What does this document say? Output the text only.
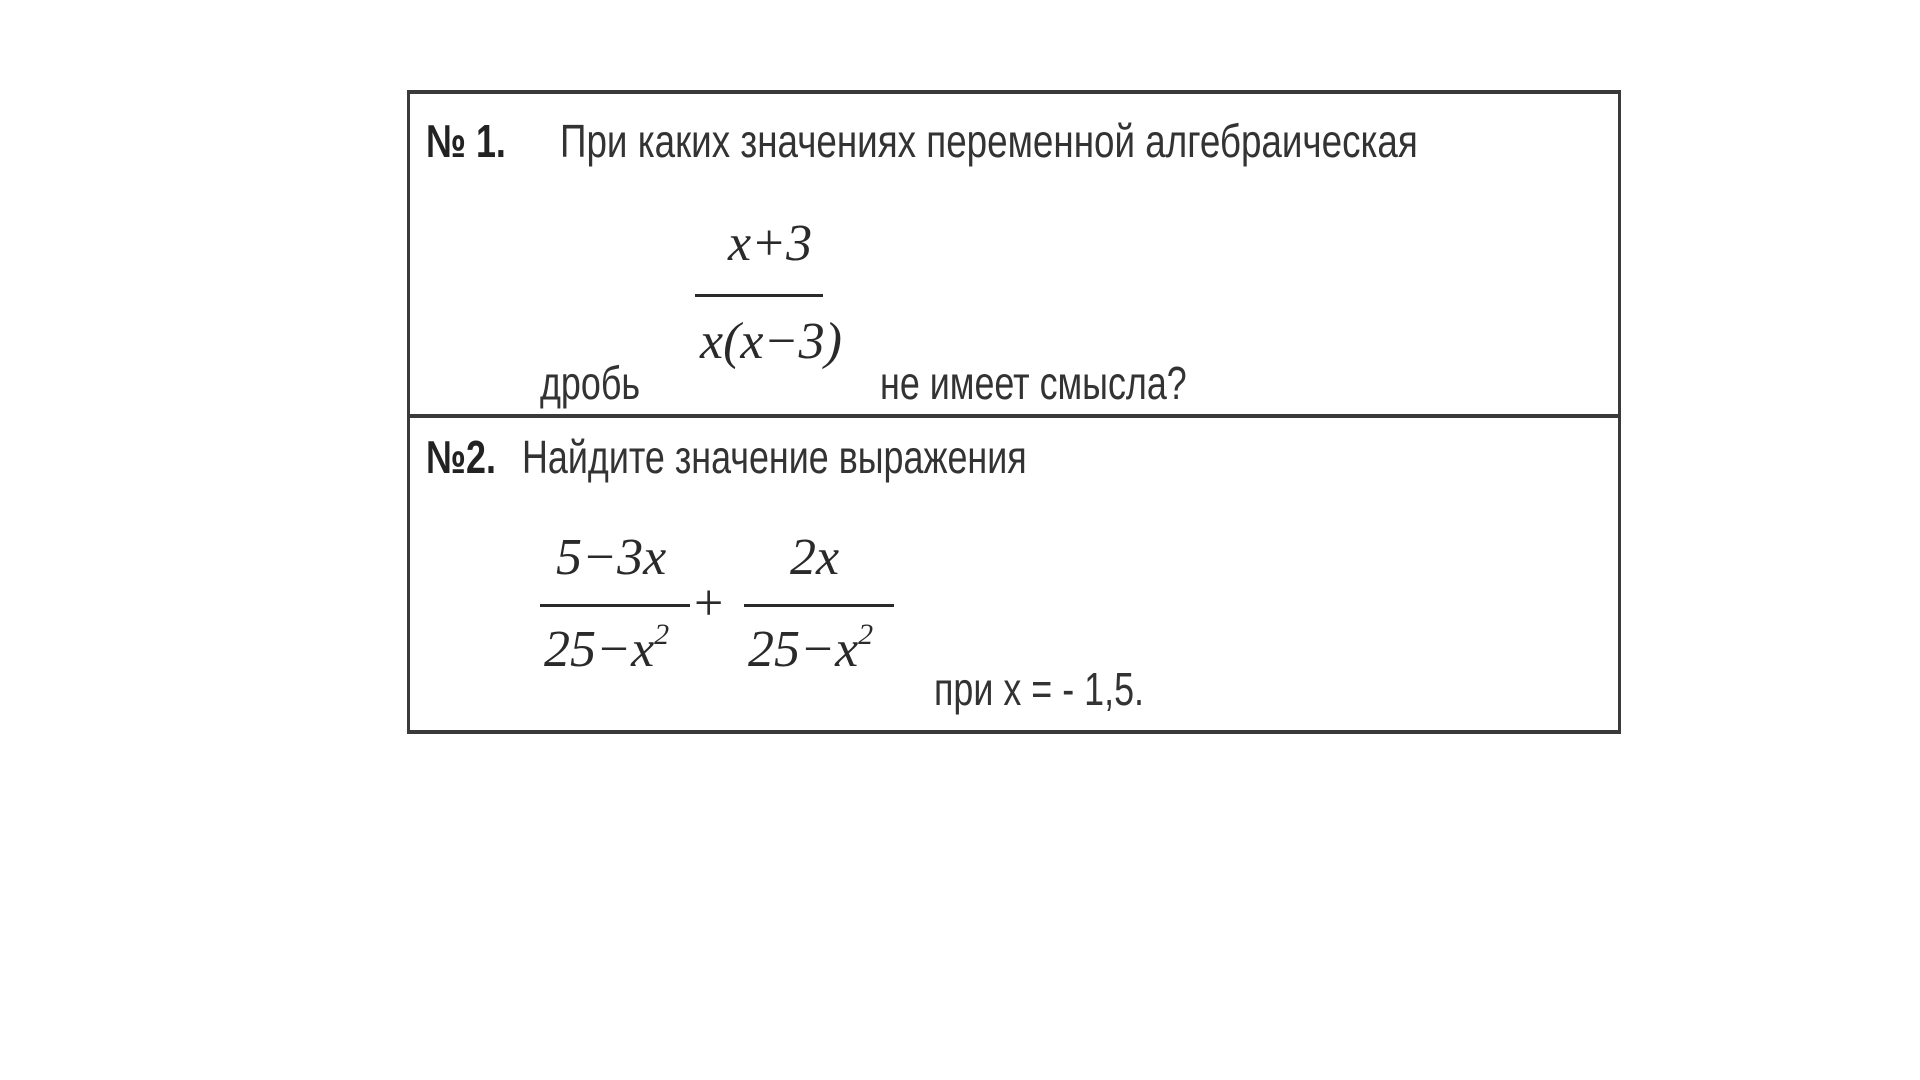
№ 1. При каких значениях переменной алгебраическая
дробь
x+3
x(x−3)
не имеет смысла?
№2. Найдите значение выражения
5−3x
$25-x^2$
+
2x
$25-x^2$
при x = - 1,5.
